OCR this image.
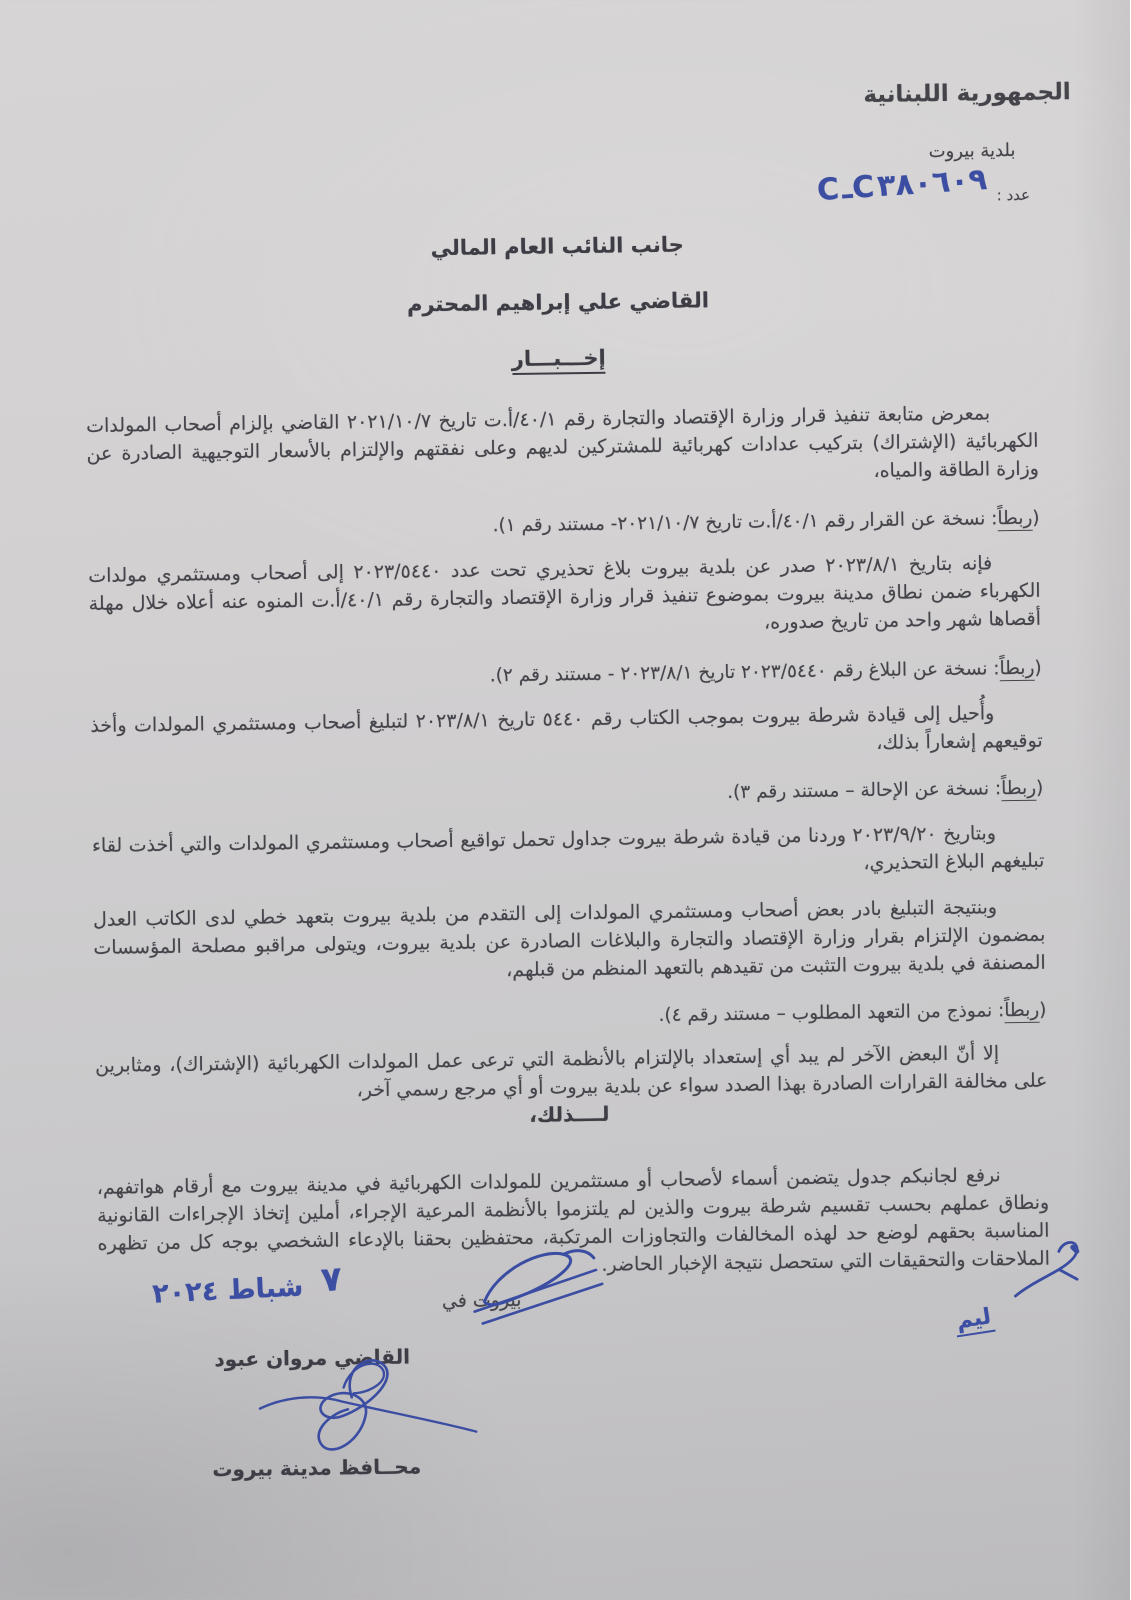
الجمهورية اللبنانية
بلدية بيروت
عدد :
CـC٣٨٠٦٠٩
جانب النائب العام المالي
القاضي علي إبراهيم المحترم
إخـــبـــار

بمعرض متابعة تنفيذ قرار وزارة الإقتصاد والتجارة رقم ٤٠/١/أ.ت تاريخ ٢٠٢١/١٠/٧ القاضي بإلزام أصحاب المولدات الكهربائية (الإشتراك) بتركيب عدادات كهربائية للمشتركين لديهم وعلى نفقتهم والإلتزام بالأسعار التوجيهية الصادرة عن وزارة الطاقة والمياه،

(ربطاً: نسخة عن القرار رقم ٤٠/١/أ.ت تاريخ ٢٠٢١/١٠/٧- مستند رقم ١).

فإنه بتاريخ ٢٠٢٣/٨/١ صدر عن بلدية بيروت بلاغ تحذيري تحت عدد ٢٠٢٣/٥٤٤٠ إلى أصحاب ومستثمري مولدات الكهرباء ضمن نطاق مدينة بيروت بموضوع تنفيذ قرار وزارة الإقتصاد والتجارة رقم ٤٠/١/أ.ت المنوه عنه أعلاه خلال مهلة أقصاها شهر واحد من تاريخ صدوره،

(ربطاً: نسخة عن البلاغ رقم ٢٠٢٣/٥٤٤٠ تاريخ ٢٠٢٣/٨/١ - مستند رقم ٢).

وأُحيل إلى قيادة شرطة بيروت بموجب الكتاب رقم ٥٤٤٠ تاريخ ٢٠٢٣/٨/١ لتبليغ أصحاب ومستثمري المولدات وأخذ توقيعهم إشعاراً بذلك،

(ربطاً: نسخة عن الإحالة – مستند رقم ٣).

وبتاريخ ٢٠٢٣/٩/٢٠ وردنا من قيادة شرطة بيروت جداول تحمل تواقيع أصحاب ومستثمري المولدات والتي أخذت لقاء تبليغهم البلاغ التحذيري،

وبنتيجة التبليغ بادر بعض أصحاب ومستثمري المولدات إلى التقدم من بلدية بيروت بتعهد خطي لدى الكاتب العدل بمضمون الإلتزام بقرار وزارة الإقتصاد والتجارة والبلاغات الصادرة عن بلدية بيروت، ويتولى مراقبو مصلحة المؤسسات المصنفة في بلدية بيروت التثبت من تقيدهم بالتعهد المنظم من قبلهم،

(ربطاً: نموذج من التعهد المطلوب – مستند رقم ٤).

إلا أنّ البعض الآخر لم يبد أي إستعداد بالإلتزام بالأنظمة التي ترعى عمل المولدات الكهربائية (الإشتراك)، ومثابرين على مخالفة القرارات الصادرة بهذا الصدد سواء عن بلدية بيروت أو أي مرجع رسمي آخر،

لــــذلك،

نرفع لجانبكم جدول يتضمن أسماء لأصحاب أو مستثمرين للمولدات الكهربائية في مدينة بيروت مع أرقام هواتفهم، ونطاق عملهم بحسب تقسيم شرطة بيروت والذين لم يلتزموا بالأنظمة المرعية الإجراء، أملين إتخاذ الإجراءات القانونية المناسبة بحقهم لوضع حد لهذه المخالفات والتجاوزات المرتكبة، محتفظين بحقنا بالإدعاء الشخصي بوجه كل من تظهره الملاحقات والتحقيقات التي ستحصل نتيجة الإخبار الحاضر.

بيروت في
٧
شباط ٢٠٢٤
ليم
القاضي مروان عبود
محــافظ مدينة بيروت
